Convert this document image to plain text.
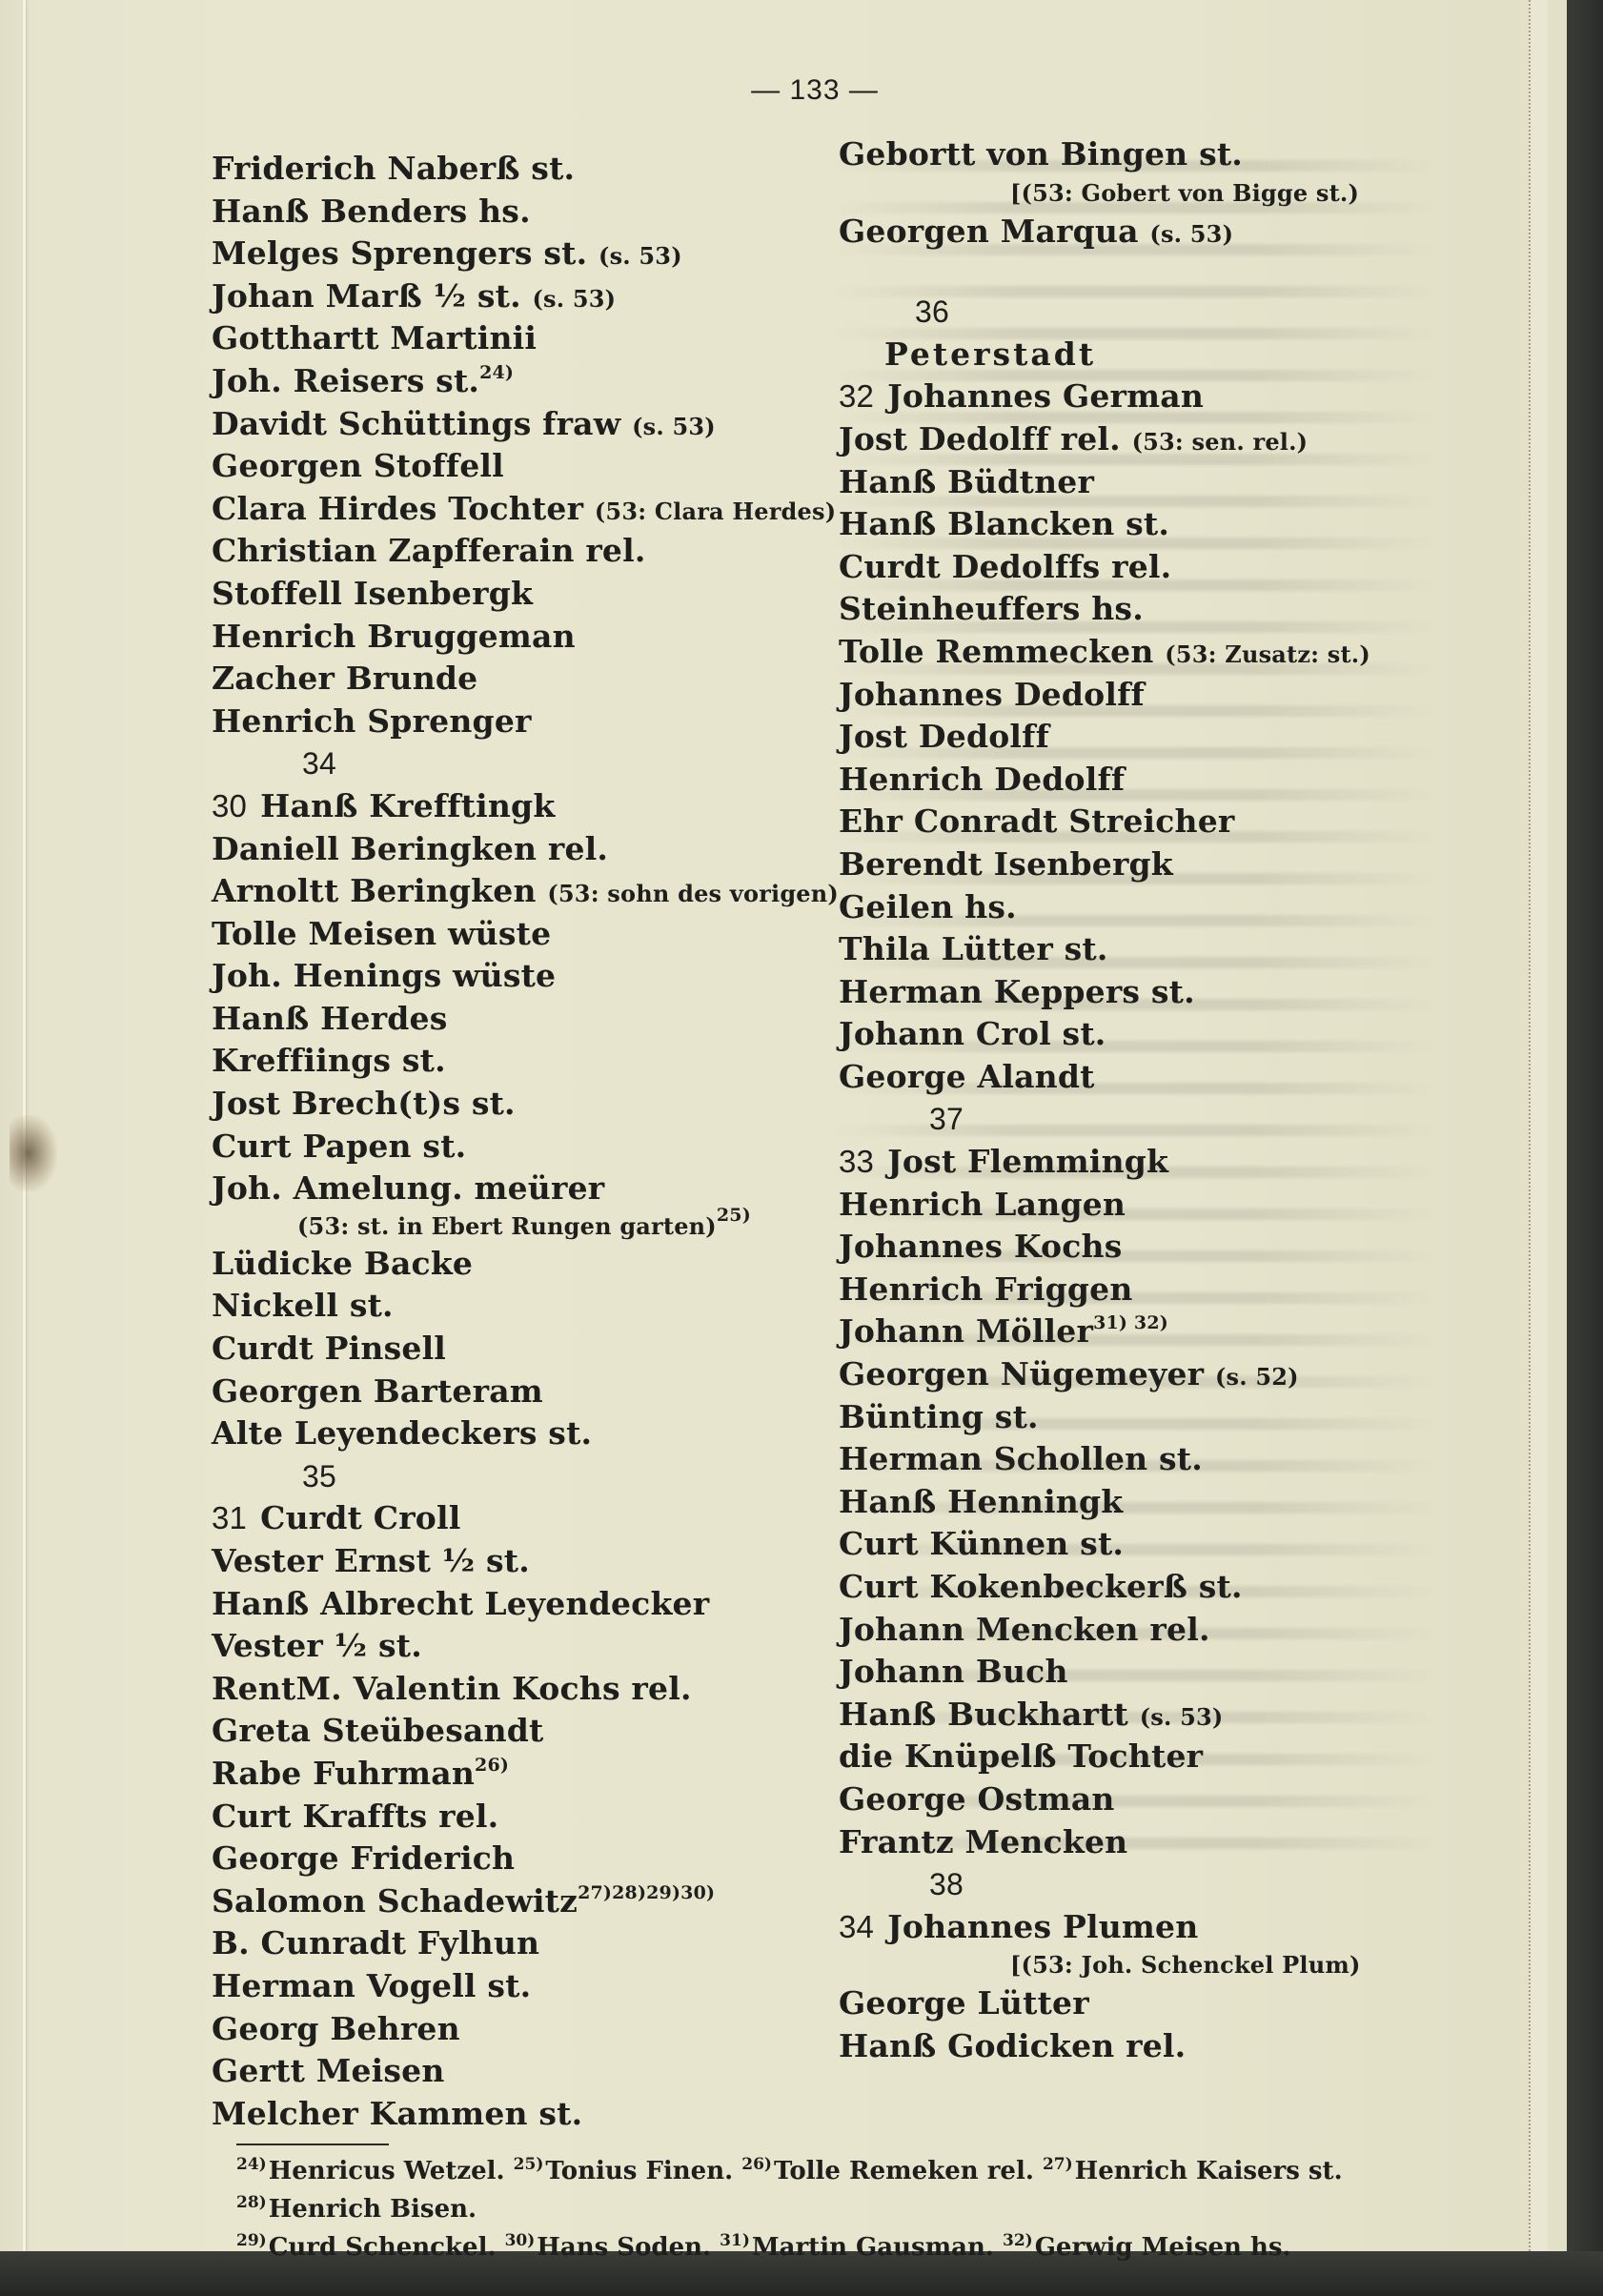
— 133 —
Friderich Naberß st.
Hanß Benders hs.
Melges Sprengers st. (s. 53)
Johan Marß ½ st. (s. 53)
Gotthartt Martinii
Joh. Reisers st.$^{24)}$
Davidt Schüttings fraw (s. 53)
Georgen Stoffell
Clara Hirdes Tochter (53: Clara Herdes)
Christian Zapfferain rel.
Stoffell Isenbergk
Henrich Bruggeman
Zacher Brunde
Henrich Sprenger
34
30 Hanß Krefftingk
Daniell Beringken rel.
Arnoltt Beringken (53: sohn des vorigen)
Tolle Meisen wüste
Joh. Henings wüste
Hanß Herdes
Kreffiings st.
Jost Brech(t)s st.
Curt Papen st.
Joh. Amelung. meürer
(53: st. in Ebert Rungen garten)$^{25)}$
Lüdicke Backe
Nickell st.
Curdt Pinsell
Georgen Barteram
Alte Leyendeckers st.
35
31 Curdt Croll
Vester Ernst ½ st.
Hanß Albrecht Leyendecker
Vester ½ st.
RentM. Valentin Kochs rel.
Greta Steübesandt
Rabe Fuhrman$^{26)}$
Curt Kraffts rel.
George Friderich
Salomon Schadewitz$^{27)28)29)30)}$
B. Cunradt Fylhun
Herman Vogell st.
Georg Behren
Gertt Meisen
Melcher Kammen st.
Gebortt von Bingen st.
[(53: Gobert von Bigge st.)
Georgen Marqua (s. 53)
36
Peterstadt
32 Johannes German
Jost Dedolff rel. (53: sen. rel.)
Hanß Büdtner
Hanß Blancken st.
Curdt Dedolffs rel.
Steinheuffers hs.
Tolle Remmecken (53: Zusatz: st.)
Johannes Dedolff
Jost Dedolff
Henrich Dedolff
Ehr Conradt Streicher
Berendt Isenbergk
Geilen hs.
Thila Lütter st.
Herman Keppers st.
Johann Crol st.
George Alandt
37
33 Jost Flemmingk
Henrich Langen
Johannes Kochs
Henrich Friggen
Johann Möller$^{31) 32)}$
Georgen Nügemeyer (s. 52)
Bünting st.
Herman Schollen st.
Hanß Henningk
Curt Künnen st.
Curt Kokenbeckerß st.
Johann Mencken rel.
Johann Buch
Hanß Buckhartt (s. 53)
die Knüpelß Tochter
George Ostman
Frantz Mencken
38
34 Johannes Plumen
[(53: Joh. Schenckel Plum)
George Lütter
Hanß Godicken rel.
$^{24)}$Henricus Wetzel. $^{25)}$Tonius Finen. $^{26)}$Tolle Remeken rel. $^{27)}$Henrich Kaisers st. $^{28)}$Henrich Bisen.
$^{29)}$Curd Schenckel. $^{30)}$Hans Soden. $^{31)}$Martin Gausman. $^{32)}$Gerwig Meisen hs.
